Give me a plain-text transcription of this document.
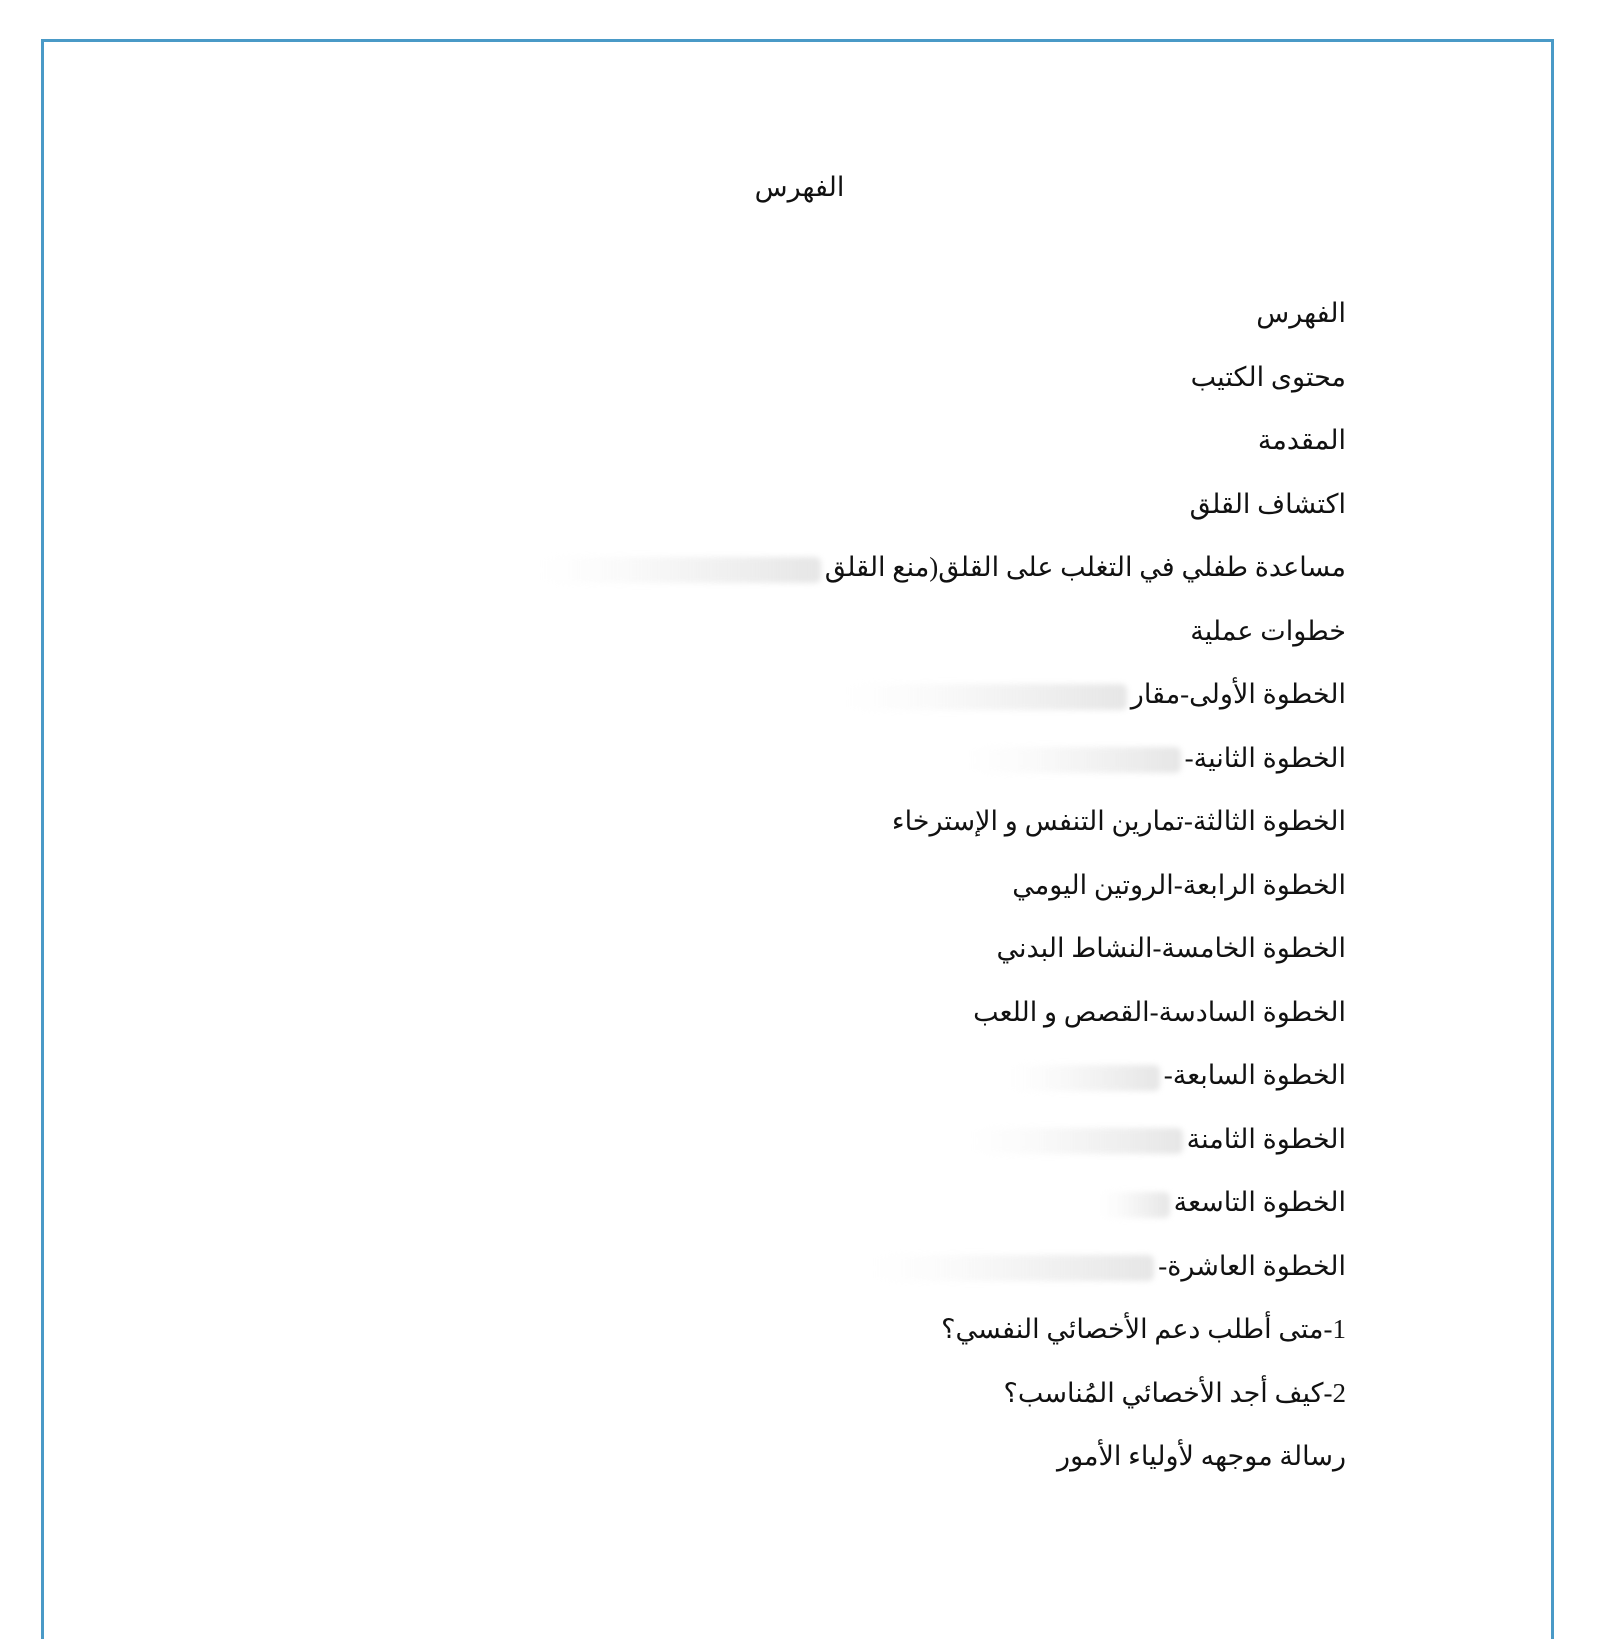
الفهرس
الفهرس
محتوى الكتيب
المقدمة
اكتشاف القلق
مساعدة طفلي في التغلب على القلق(منع القلق
خطوات عملية
الخطوة الأولى-مقار
الخطوة الثانية-
الخطوة الثالثة-تمارين التنفس و الإسترخاء
الخطوة الرابعة-الروتين اليومي
الخطوة الخامسة-النشاط البدني
الخطوة السادسة-القصص و اللعب
الخطوة السابعة-
الخطوة الثامنة
الخطوة التاسعة
الخطوة العاشرة-
1-متى أطلب دعم الأخصائي النفسي؟
2-كيف أجد الأخصائي المُناسب؟
رسالة موجهه لأولياء الأمور
